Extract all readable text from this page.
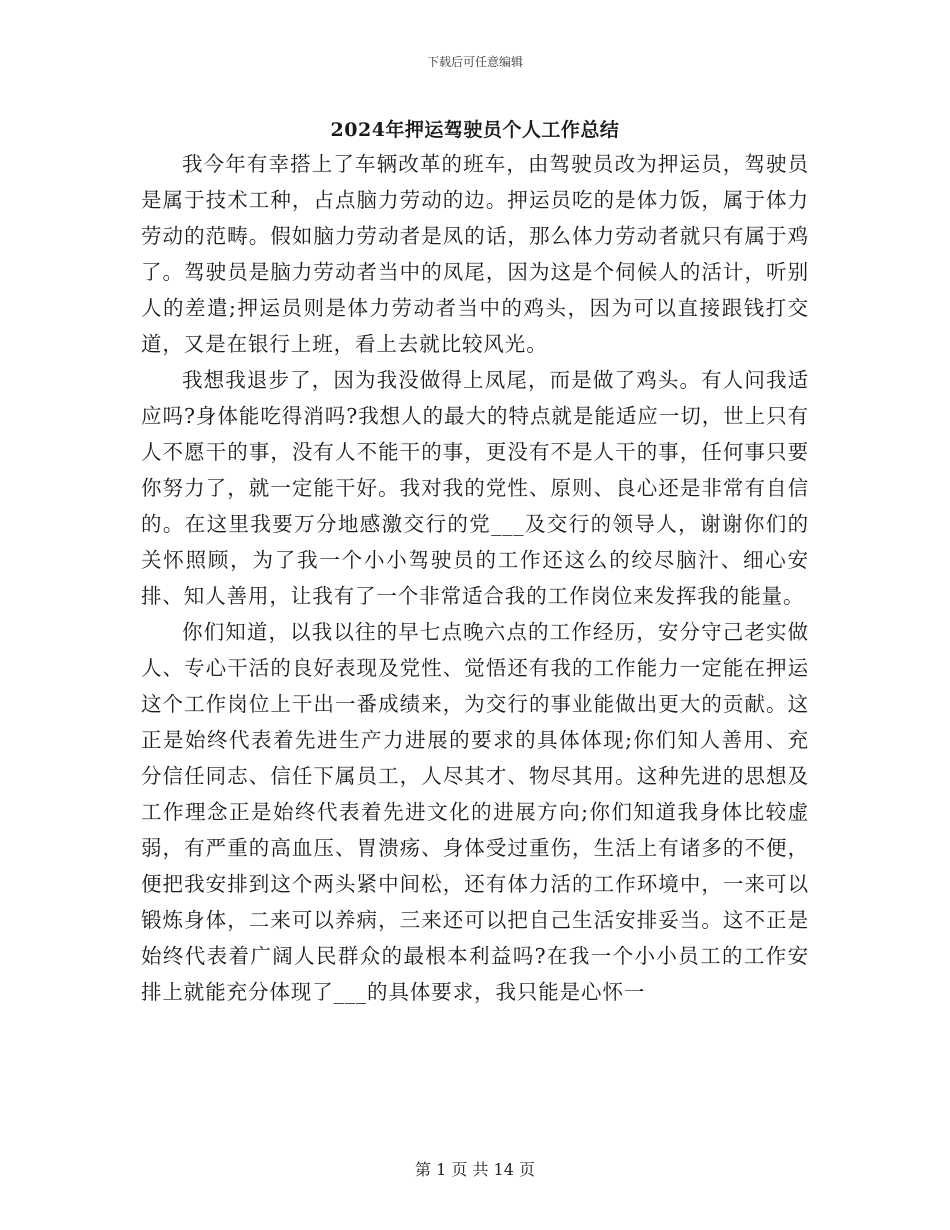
下载后可任意编辑
2024年押运驾驶员个人工作总结

我今年有幸搭上了车辆改革的班车，由驾驶员改为押运员，驾驶员是属于技术工种，占点脑力劳动的边。押运员吃的是体力饭，属于体力劳动的范畴。假如脑力劳动者是凤的话，那么体力劳动者就只有属于鸡了。驾驶员是脑力劳动者当中的凤尾，因为这是个伺候人的活计，听别人的差遣;押运员则是体力劳动者当中的鸡头，因为可以直接跟钱打交道，又是在银行上班，看上去就比较风光。

我想我退步了，因为我没做得上凤尾，而是做了鸡头。有人问我适应吗?身体能吃得消吗?我想人的最大的特点就是能适应一切，世上只有人不愿干的事，没有人不能干的事，更没有不是人干的事，任何事只要你努力了，就一定能干好。我对我的党性、原则、良心还是非常有自信的。在这里我要万分地感激交行的党___及交行的领导人，谢谢你们的关怀照顾，为了我一个小小驾驶员的工作还这么的绞尽脑汁、细心安排、知人善用，让我有了一个非常适合我的工作岗位来发挥我的能量。

你们知道，以我以往的早七点晚六点的工作经历，安分守己老实做人、专心干活的良好表现及党性、觉悟还有我的工作能力一定能在押运这个工作岗位上干出一番成绩来，为交行的事业能做出更大的贡献。这正是始终代表着先进生产力进展的要求的具体体现;你们知人善用、充分信任同志、信任下属员工，人尽其才、物尽其用。这种先进的思想及工作理念正是始终代表着先进文化的进展方向;你们知道我身体比较虚弱，有严重的高血压、胃溃疡、身体受过重伤，生活上有诸多的不便，便把我安排到这个两头紧中间松，还有体力活的工作环境中，一来可以锻炼身体，二来可以养病，三来还可以把自己生活安排妥当。这不正是始终代表着广阔人民群众的最根本利益吗?在我一个小小员工的工作安排上就能充分体现了___的具体要求，我只能是心怀一

第 1 页 共 14 页
